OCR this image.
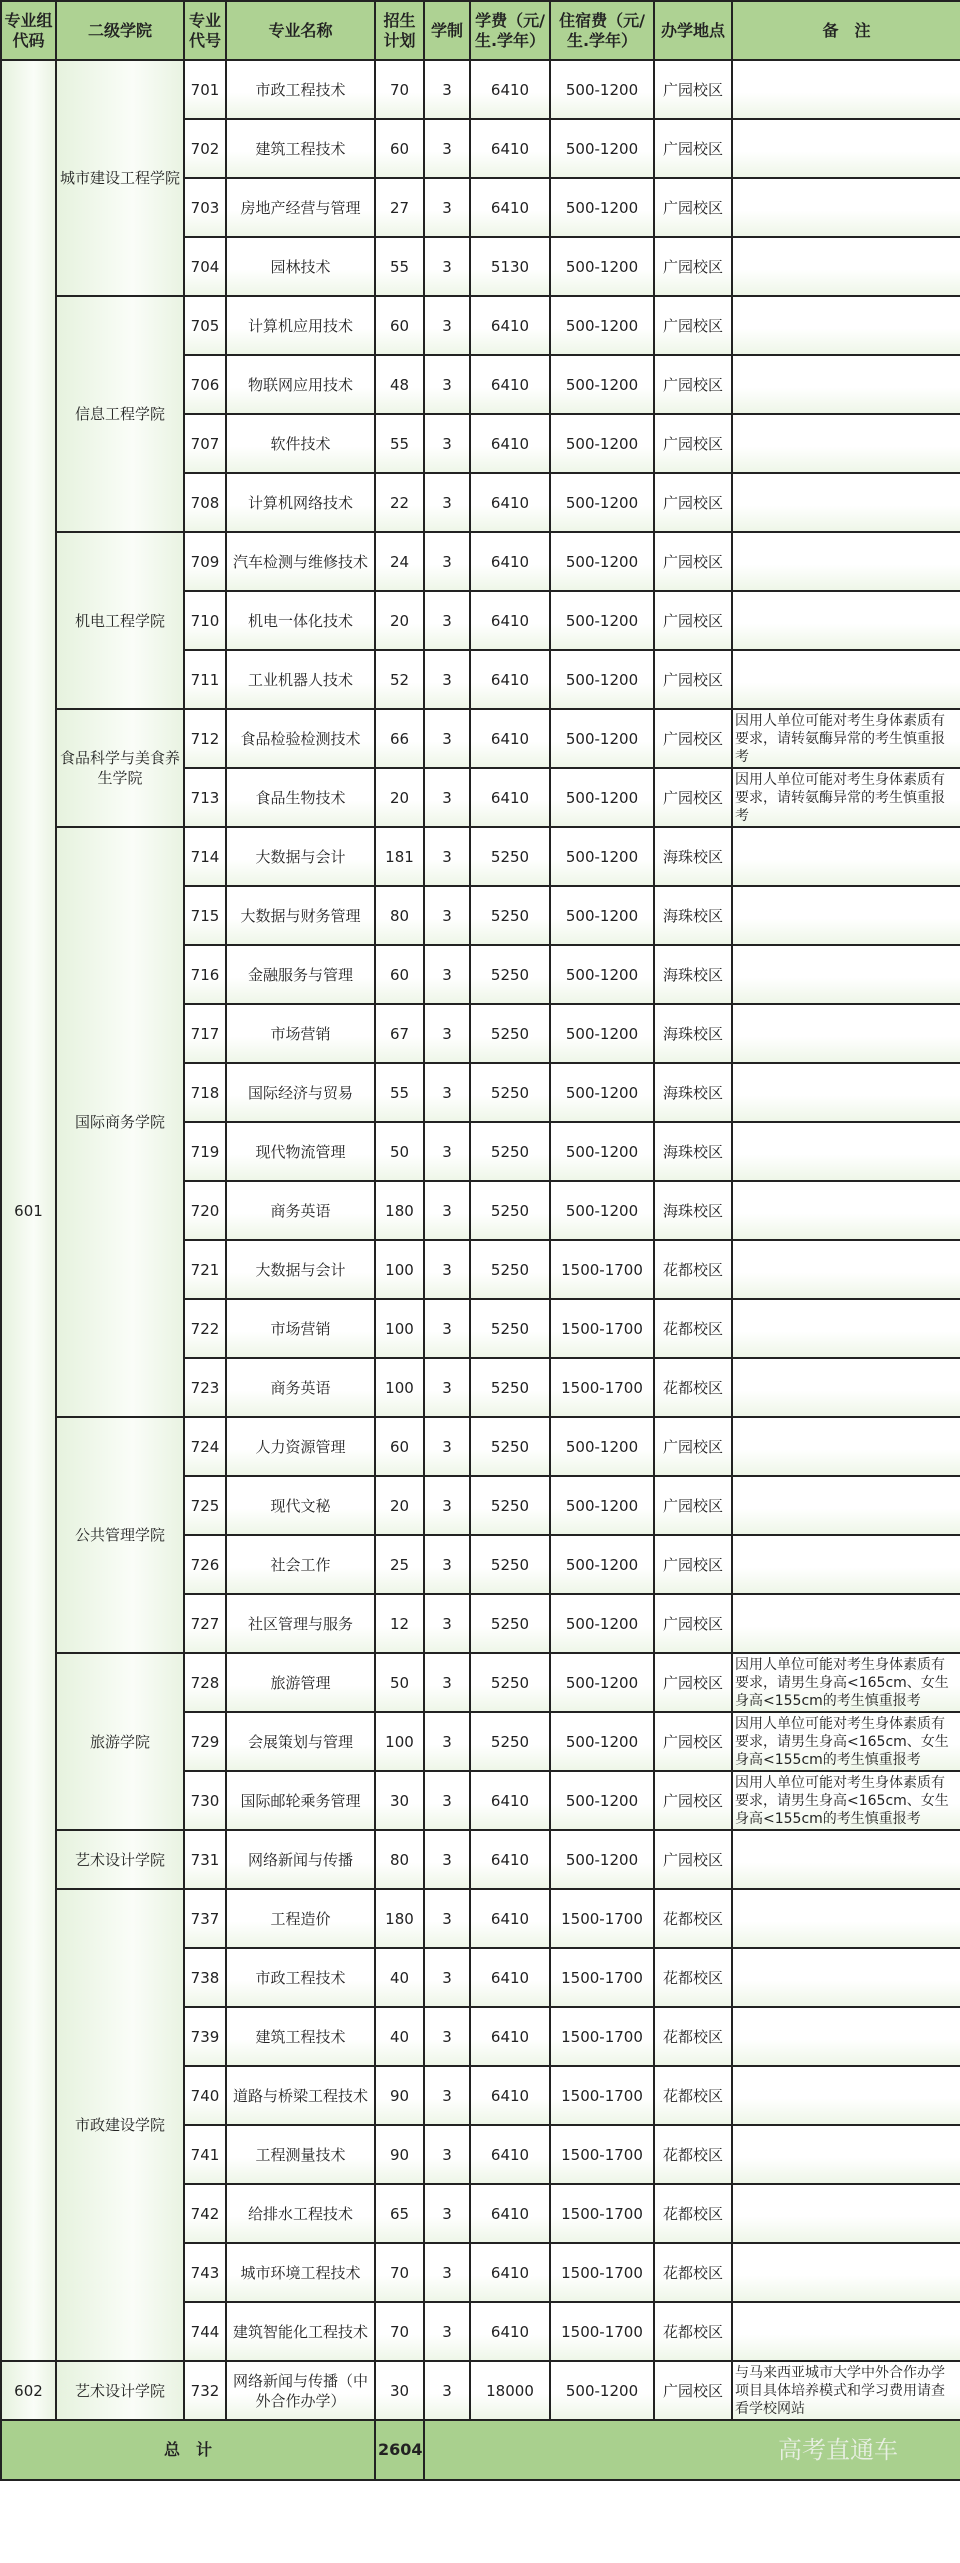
专业组代码	二级学院	专业代号	专业名称	招生计划	学制	学费（元/生.学年）	住宿费（元/生.学年）	办学地点	备　注
601	城市建设工程学院	701	市政工程技术	70	3	6410	500-1200	广园校区	
		702	建筑工程技术	60	3	6410	500-1200	广园校区	
		703	房地产经营与管理	27	3	6410	500-1200	广园校区	
		704	园林技术	55	3	5130	500-1200	广园校区	
	信息工程学院	705	计算机应用技术	60	3	6410	500-1200	广园校区	
		706	物联网应用技术	48	3	6410	500-1200	广园校区	
		707	软件技术	55	3	6410	500-1200	广园校区	
		708	计算机网络技术	22	3	6410	500-1200	广园校区	
	机电工程学院	709	汽车检测与维修技术	24	3	6410	500-1200	广园校区	
		710	机电一体化技术	20	3	6410	500-1200	广园校区	
		711	工业机器人技术	52	3	6410	500-1200	广园校区	
	食品科学与美食养生学院	712	食品检验检测技术	66	3	6410	500-1200	广园校区	因用人单位可能对考生身体素质有要求，请转氨酶异常的考生慎重报考
		713	食品生物技术	20	3	6410	500-1200	广园校区	因用人单位可能对考生身体素质有要求，请转氨酶异常的考生慎重报考
	国际商务学院	714	大数据与会计	181	3	5250	500-1200	海珠校区	
		715	大数据与财务管理	80	3	5250	500-1200	海珠校区	
		716	金融服务与管理	60	3	5250	500-1200	海珠校区	
		717	市场营销	67	3	5250	500-1200	海珠校区	
		718	国际经济与贸易	55	3	5250	500-1200	海珠校区	
		719	现代物流管理	50	3	5250	500-1200	海珠校区	
		720	商务英语	180	3	5250	500-1200	海珠校区	
		721	大数据与会计	100	3	5250	1500-1700	花都校区	
		722	市场营销	100	3	5250	1500-1700	花都校区	
		723	商务英语	100	3	5250	1500-1700	花都校区	
	公共管理学院	724	人力资源管理	60	3	5250	500-1200	广园校区	
		725	现代文秘	20	3	5250	500-1200	广园校区	
		726	社会工作	25	3	5250	500-1200	广园校区	
		727	社区管理与服务	12	3	5250	500-1200	广园校区	
	旅游学院	728	旅游管理	50	3	5250	500-1200	广园校区	因用人单位可能对考生身体素质有要求，请男生身高<165cm、女生身高<155cm的考生慎重报考
		729	会展策划与管理	100	3	5250	500-1200	广园校区	因用人单位可能对考生身体素质有要求，请男生身高<165cm、女生身高<155cm的考生慎重报考
		730	国际邮轮乘务管理	30	3	6410	500-1200	广园校区	因用人单位可能对考生身体素质有要求，请男生身高<165cm、女生身高<155cm的考生慎重报考
	艺术设计学院	731	网络新闻与传播	80	3	6410	500-1200	广园校区	
	市政建设学院	737	工程造价	180	3	6410	1500-1700	花都校区	
		738	市政工程技术	40	3	6410	1500-1700	花都校区	
		739	建筑工程技术	40	3	6410	1500-1700	花都校区	
		740	道路与桥梁工程技术	90	3	6410	1500-1700	花都校区	
		741	工程测量技术	90	3	6410	1500-1700	花都校区	
		742	给排水工程技术	65	3	6410	1500-1700	花都校区	
		743	城市环境工程技术	70	3	6410	1500-1700	花都校区	
		744	建筑智能化工程技术	70	3	6410	1500-1700	花都校区	
602	艺术设计学院	732	网络新闻与传播（中外合作办学）	30	3	18000	500-1200	广园校区	与马来西亚城市大学中外合作办学项目具体培养模式和学习费用请查看学校网站
总　计				2604	高考直通车				
